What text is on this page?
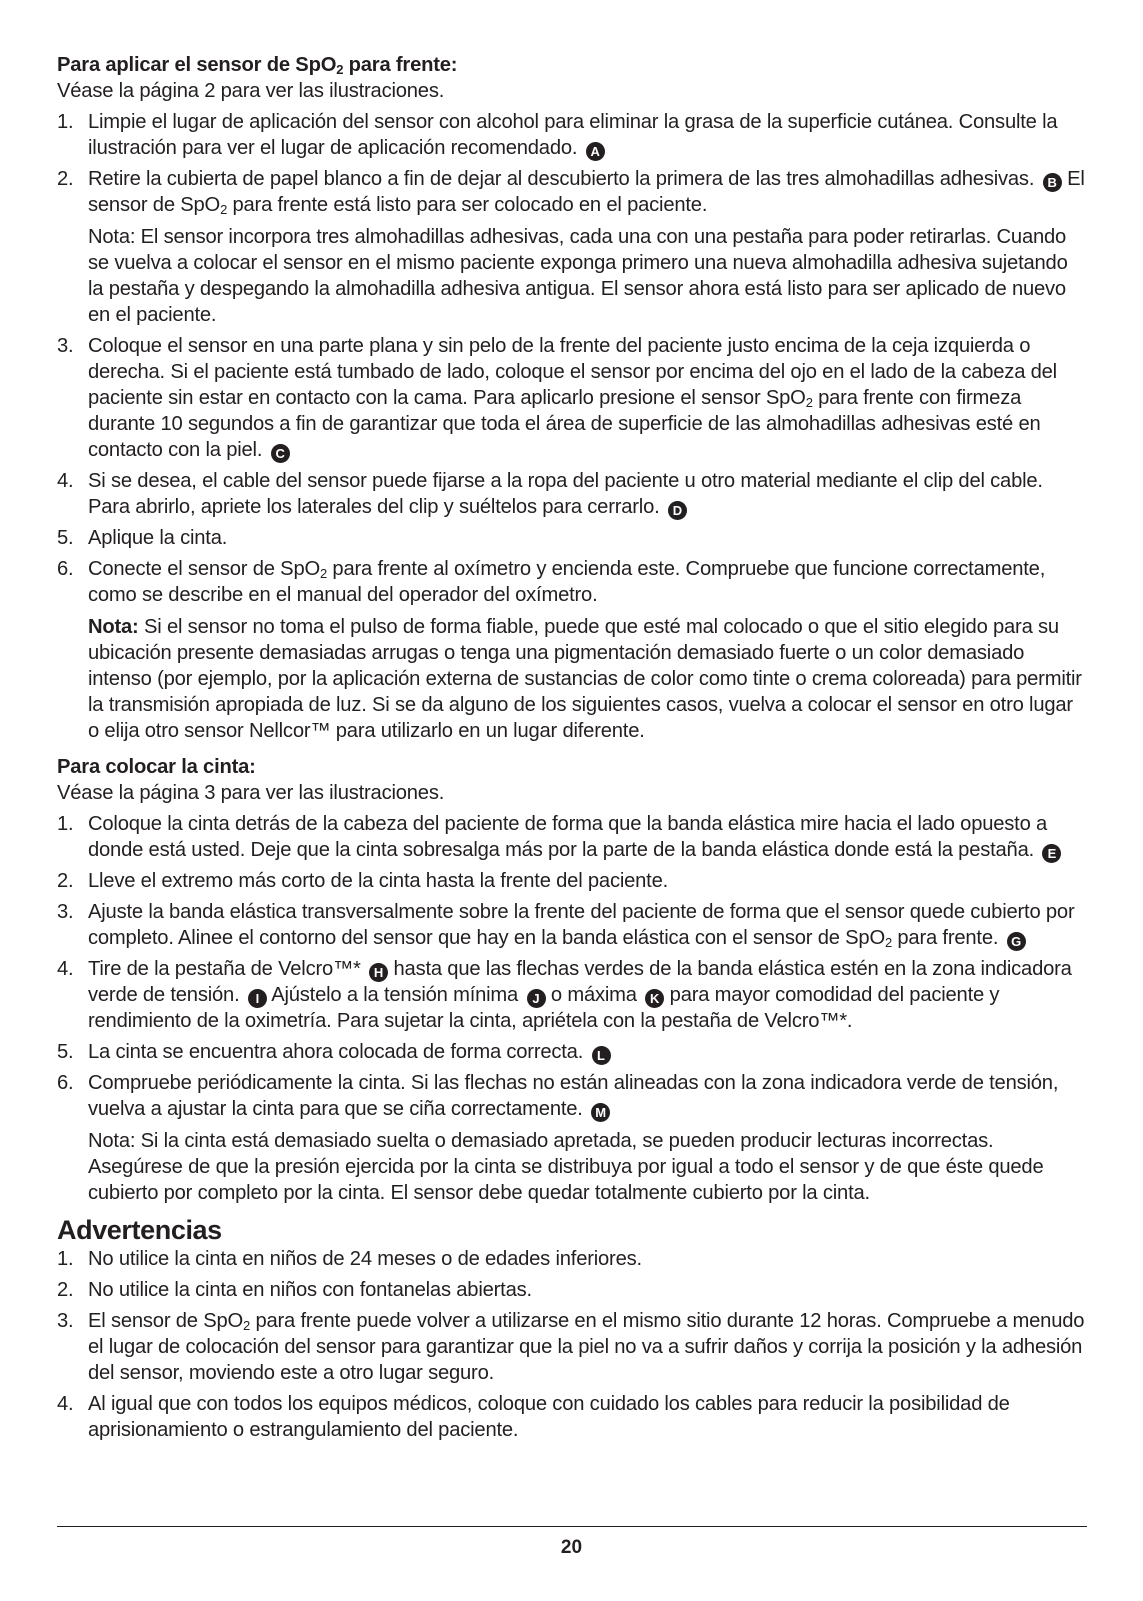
Para aplicar el sensor de SpO$_2$ para frente:

Véase la página 2 para ver las ilustraciones.

1. Limpie el lugar de aplicación del sensor con alcohol para eliminar la grasa de la superficie cutánea. Consulte la ilustración para ver el lugar de aplicación recomendado. A
2. Retire la cubierta de papel blanco a fin de dejar al descubierto la primera de las tres almohadillas adhesivas. B El sensor de SpO$_2$ para frente está listo para ser colocado en el paciente.
Nota: El sensor incorpora tres almohadillas adhesivas, cada una con una pestaña para poder retirarlas. Cuando se vuelva a colocar el sensor en el mismo paciente exponga primero una nueva almohadilla adhesiva sujetando la pestaña y despegando la almohadilla adhesiva antigua. El sensor ahora está listo para ser aplicado de nuevo en el paciente.
3. Coloque el sensor en una parte plana y sin pelo de la frente del paciente justo encima de la ceja izquierda o derecha. Si el paciente está tumbado de lado, coloque el sensor por encima del ojo en el lado de la cabeza del paciente sin estar en contacto con la cama. Para aplicarlo presione el sensor SpO$_2$ para frente con firmeza durante 10 segundos a fin de garantizar que toda el área de superficie de las almohadillas adhesivas esté en contacto con la piel. C
4. Si se desea, el cable del sensor puede fijarse a la ropa del paciente u otro material mediante el clip del cable. Para abrirlo, apriete los laterales del clip y suéltelos para cerrarlo. D
5. Aplique la cinta.
6. Conecte el sensor de SpO$_2$ para frente al oxímetro y encienda este. Compruebe que funcione correctamente, como se describe en el manual del operador del oxímetro.
Nota: Si el sensor no toma el pulso de forma fiable, puede que esté mal colocado o que el sitio elegido para su ubicación presente demasiadas arrugas o tenga una pigmentación demasiado fuerte o un color demasiado intenso (por ejemplo, por la aplicación externa de sustancias de color como tinte o crema coloreada) para permitir la transmisión apropiada de luz. Si se da alguno de los siguientes casos, vuelva a colocar el sensor en otro lugar o elija otro sensor Nellcor™ para utilizarlo en un lugar diferente.
Para colocar la cinta:

Véase la página 3 para ver las ilustraciones.

1. Coloque la cinta detrás de la cabeza del paciente de forma que la banda elástica mire hacia el lado opuesto a donde está usted. Deje que la cinta sobresalga más por la parte de la banda elástica donde está la pestaña. E
2. Lleve el extremo más corto de la cinta hasta la frente del paciente.
3. Ajuste la banda elástica transversalmente sobre la frente del paciente de forma que el sensor quede cubierto por completo. Alinee el contorno del sensor que hay en la banda elástica con el sensor de SpO$_2$ para frente. G
4. Tire de la pestaña de Velcro™* H hasta que las flechas verdes de la banda elástica estén en la zona indicadora verde de tensión. I Ajústelo a la tensión mínima J o máxima K para mayor comodidad del paciente y rendimiento de la oximetría. Para sujetar la cinta, apriétela con la pestaña de Velcro™*.
5. La cinta se encuentra ahora colocada de forma correcta. L
6. Compruebe periódicamente la cinta. Si las flechas no están alineadas con la zona indicadora verde de tensión, vuelva a ajustar la cinta para que se ciña correctamente. M
Nota: Si la cinta está demasiado suelta o demasiado apretada, se pueden producir lecturas incorrectas. Asegúrese de que la presión ejercida por la cinta se distribuya por igual a todo el sensor y de que éste quede cubierto por completo por la cinta. El sensor debe quedar totalmente cubierto por la cinta.
Advertencias
1. No utilice la cinta en niños de 24 meses o de edades inferiores.
2. No utilice la cinta en niños con fontanelas abiertas.
3. El sensor de SpO$_2$ para frente puede volver a utilizarse en el mismo sitio durante 12 horas. Compruebe a menudo el lugar de colocación del sensor para garantizar que la piel no va a sufrir daños y corrija la posición y la adhesión del sensor, moviendo este a otro lugar seguro.
4. Al igual que con todos los equipos médicos, coloque con cuidado los cables para reducir la posibilidad de aprisionamiento o estrangulamiento del paciente.
20
